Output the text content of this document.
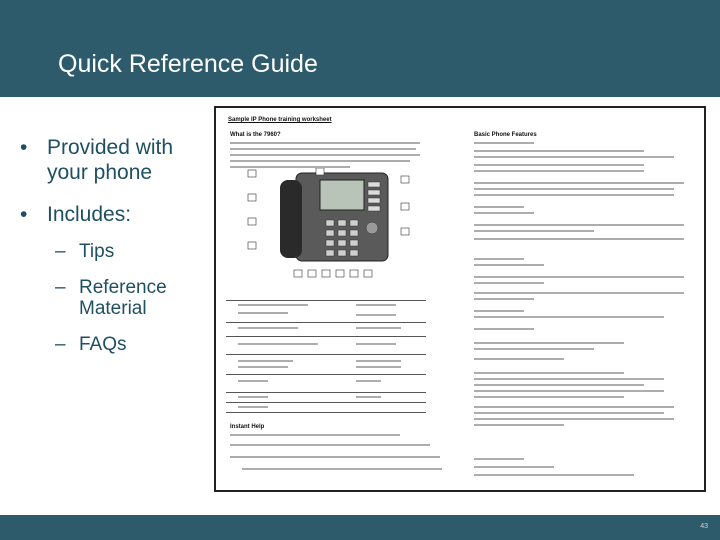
Quick Reference Guide
• Provided with
your phone
• Includes:
– Tips
– Reference
Material
– FAQs
Sample IP Phone training worksheet
What is the 7960?	Basic Phone Features
Instant Help
43
